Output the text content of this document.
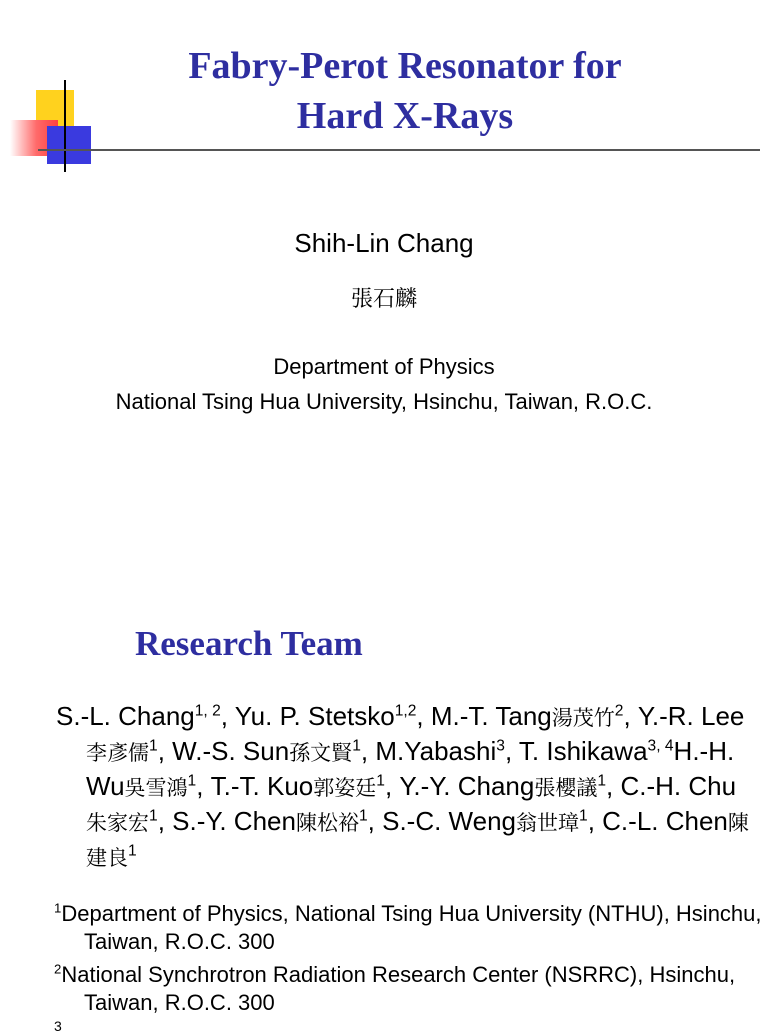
Fabry-Perot Resonator for
Hard X-Rays
Shih-Lin Chang
張石麟
Department of Physics
National Tsing Hua University, Hsinchu, Taiwan, R.O.C.
Research Team

S.-L. Chang$^{1, 2}$, Yu. P. Stetsko$^{1,2}$, M.-T. Tang湯茂竹$^2$, Y.-R. Lee李彥儒$^1$, W.-S. Sun孫文賢$^1$, M.Yabashi$^3$, T. Ishikawa$^{3, 4}$H.-H. Wu吳雪鴻$^1$, T.-T. Kuo郭姿廷$^1$, Y.-Y. Chang張櫻議$^1$, C.-H. Chu朱家宏$^1$, S.-Y. Chen陳松裕$^1$, S.-C. Weng翁世璋$^1$, C.-L. Chen陳建良$^1$

$^1$Department of Physics, National Tsing Hua University (NTHU), Hsinchu, Taiwan, R.O.C. 300

$^2$National Synchrotron Radiation Research Center (NSRRC), Hsinchu, Taiwan, R.O.C. 300

3
